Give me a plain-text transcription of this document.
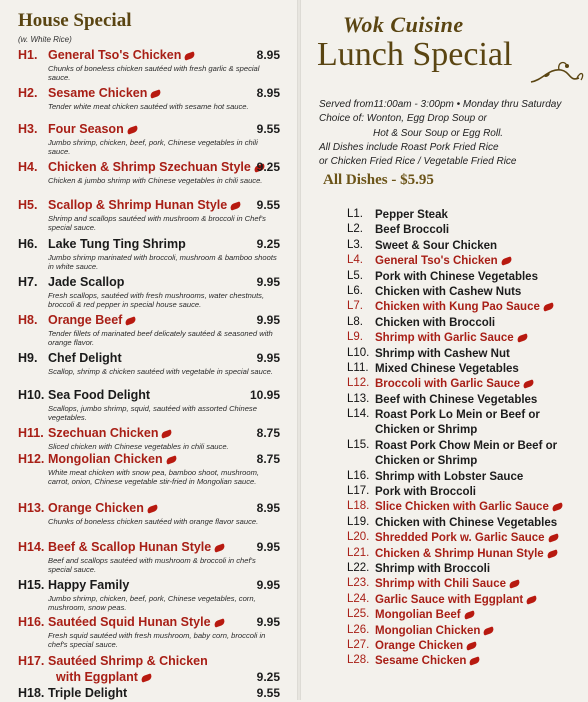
House Special
(w. White Rice)
H1. General Tso's Chicken	8.95
Chunks of boneless chicken sautéed with fresh garlic & special sauce.
H2. Sesame Chicken	8.95
Tender white meat chicken sautéed with sesame hot sauce.
H3. Four Season	9.55
Jumbo shrimp, chicken, beef, pork, Chinese vegetables in chili sauce.
H4. Chicken & Shrimp Szechuan Style 9.25
Chicken & jumbo shrimp with Chinese vegetables in chili sauce.
H5. Scallop & Shrimp Hunan Style	9.55
Shrimp and scallops sautéed with mushroom & broccoli in Chef's special sauce.
H6. Lake Tung Ting Shrimp	9.25
Jumbo shrimp marinated with broccoli, mushroom & bamboo shoots in white sauce.
H7. Jade Scallop	9.95
Fresh scallops, sautéed with fresh mushrooms, water chestnuts, broccoli & red pepper in special house sauce.
H8. Orange Beef	9.95
Tender fillets of marinated beef delicately sautéed & seasoned with orange flavor.
H9. Chef Delight	9.95
Scallop, shrimp & chicken sautéed with vegetable in special sauce.
H10. Sea Food Delight	10.95
Scallops, jumbo shrimp, squid, sautéed with assorted Chinese vegetables.
H11. Szechuan Chicken	8.75
Sliced chicken with Chinese vegetables in chili sauce.
H12. Mongolian Chicken	8.75
White meat chicken with snow pea, bamboo shoot, mushroom, carrot, onion, Chinese vegetable stir-fried in Mongolian sauce.
H13. Orange Chicken	8.95
Chunks of boneless chicken sautéed with orange flavor sauce.
H14. Beef & Scallop Hunan Style	9.95
Beef and scallops sautéed with mushroom & broccoli in chef's special sauce.
H15. Happy Family	9.95
Jumbo shrimp, chicken, beef, pork, Chinese vegetables, corn, mushroom, snow peas.
H16. Sautéed Squid Hunan Style	9.95
Fresh squid sautéed with fresh mushroom, baby corn, broccoli in chef's special sauce.
H17. Sautéed Shrimp & Chicken
with Eggplant	9.25
H18. Triple Delight	9.55
Wok Cuisine
Lunch Special
Served from11:00am - 3:00pm • Monday thru Saturday
Choice of: Wonton, Egg Drop Soup or
Hot & Sour Soup or Egg Roll.
All Dishes include Roast Pork Fried Rice
or Chicken Fried Rice / Vegetable Fried Rice
All Dishes - $5.95
L1. Pepper Steak
L2. Beef Broccoli
L3. Sweet & Sour Chicken
L4. General Tso's Chicken
L5. Pork with Chinese Vegetables
L6. Chicken with Cashew Nuts
L7. Chicken with Kung Pao Sauce
L8. Chicken with Broccoli
L9. Shrimp with Garlic Sauce
L10. Shrimp with Cashew Nut
L11. Mixed Chinese Vegetables
L12. Broccoli with Garlic Sauce
L13. Beef with Chinese Vegetables
L14. Roast Pork Lo Mein or Beef or Chicken or Shrimp
L15. Roast Pork Chow Mein or Beef or Chicken or Shrimp
L16. Shrimp with Lobster Sauce
L17. Pork with Broccoli
L18. Slice Chicken with Garlic Sauce
L19. Chicken with Chinese Vegetables
L20. Shredded Pork w. Garlic Sauce
L21. Chicken & Shrimp Hunan Style
L22. Shrimp with Broccoli
L23. Shrimp with Chili Sauce
L24. Garlic Sauce with Eggplant
L25. Mongolian Beef
L26. Mongolian Chicken
L27. Orange Chicken
L28. Sesame Chicken
